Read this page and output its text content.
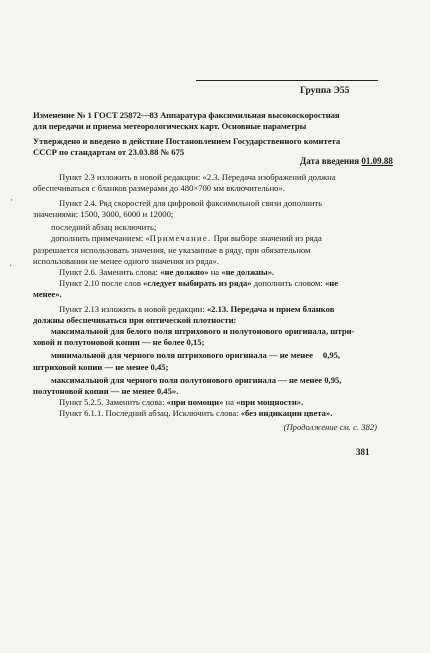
Группа Э55

Изменение № 1 ГОСТ 25872—83 Аппаратура факсимильная высокоскоростная

для передачи и приема метеорологических карт. Основные параметры

Утверждено и введено в действие Постановлением Государственного комитета

СССР по стандартам от 23.03.88 № 675

Дата введения 01.09.88

Пункт 2.3 изложить в новой редакции: «2.3. Передача изображений должна

обеспечиваться с бланков размерами до 480×700 мм включительно».

Пункт 2.4. Ряд скоростей для цифровой факсимильной связи дополнить

значениями: 1500, 3000, 6000 и 12000;

последний абзац исключить;

дополнить примечанием: «Примечание. При выборе значений из ряда

разрешается использовать значения, не указанные в ряду, при обязательном

использовании не менее одного значения из ряда».

Пункт 2.6. Заменить слова: «не должно» на «не должны».

Пункт 2.10 после слов «следует выбирать из ряда» дополнить словом: «не

менее».

Пункт 2.13 изложить в новой редакции: «2.13. Передача и прием бланков

должны обеспечиваться при оптической плотности:

максимальной для белого поля штрихового и полутонового оригинала, штри-

ховой и полутоновой копии — не более 0,15;

минимальной для черного поля штрихового оригинала — не менее 0,95,

штриховой копии — не менее 0,45;

максимальной для черного поля полутонового оригинала — не менее 0,95,

полутоновой копии — не менее 0,45».

Пункт 5.2.5. Заменить слова: «при помощи» на «при мощности».

Пункт 6.1.1. Последний абзац. Исключить слова: «без индикации цвета».

(Продолжение см. с. 382)

381

·
'
